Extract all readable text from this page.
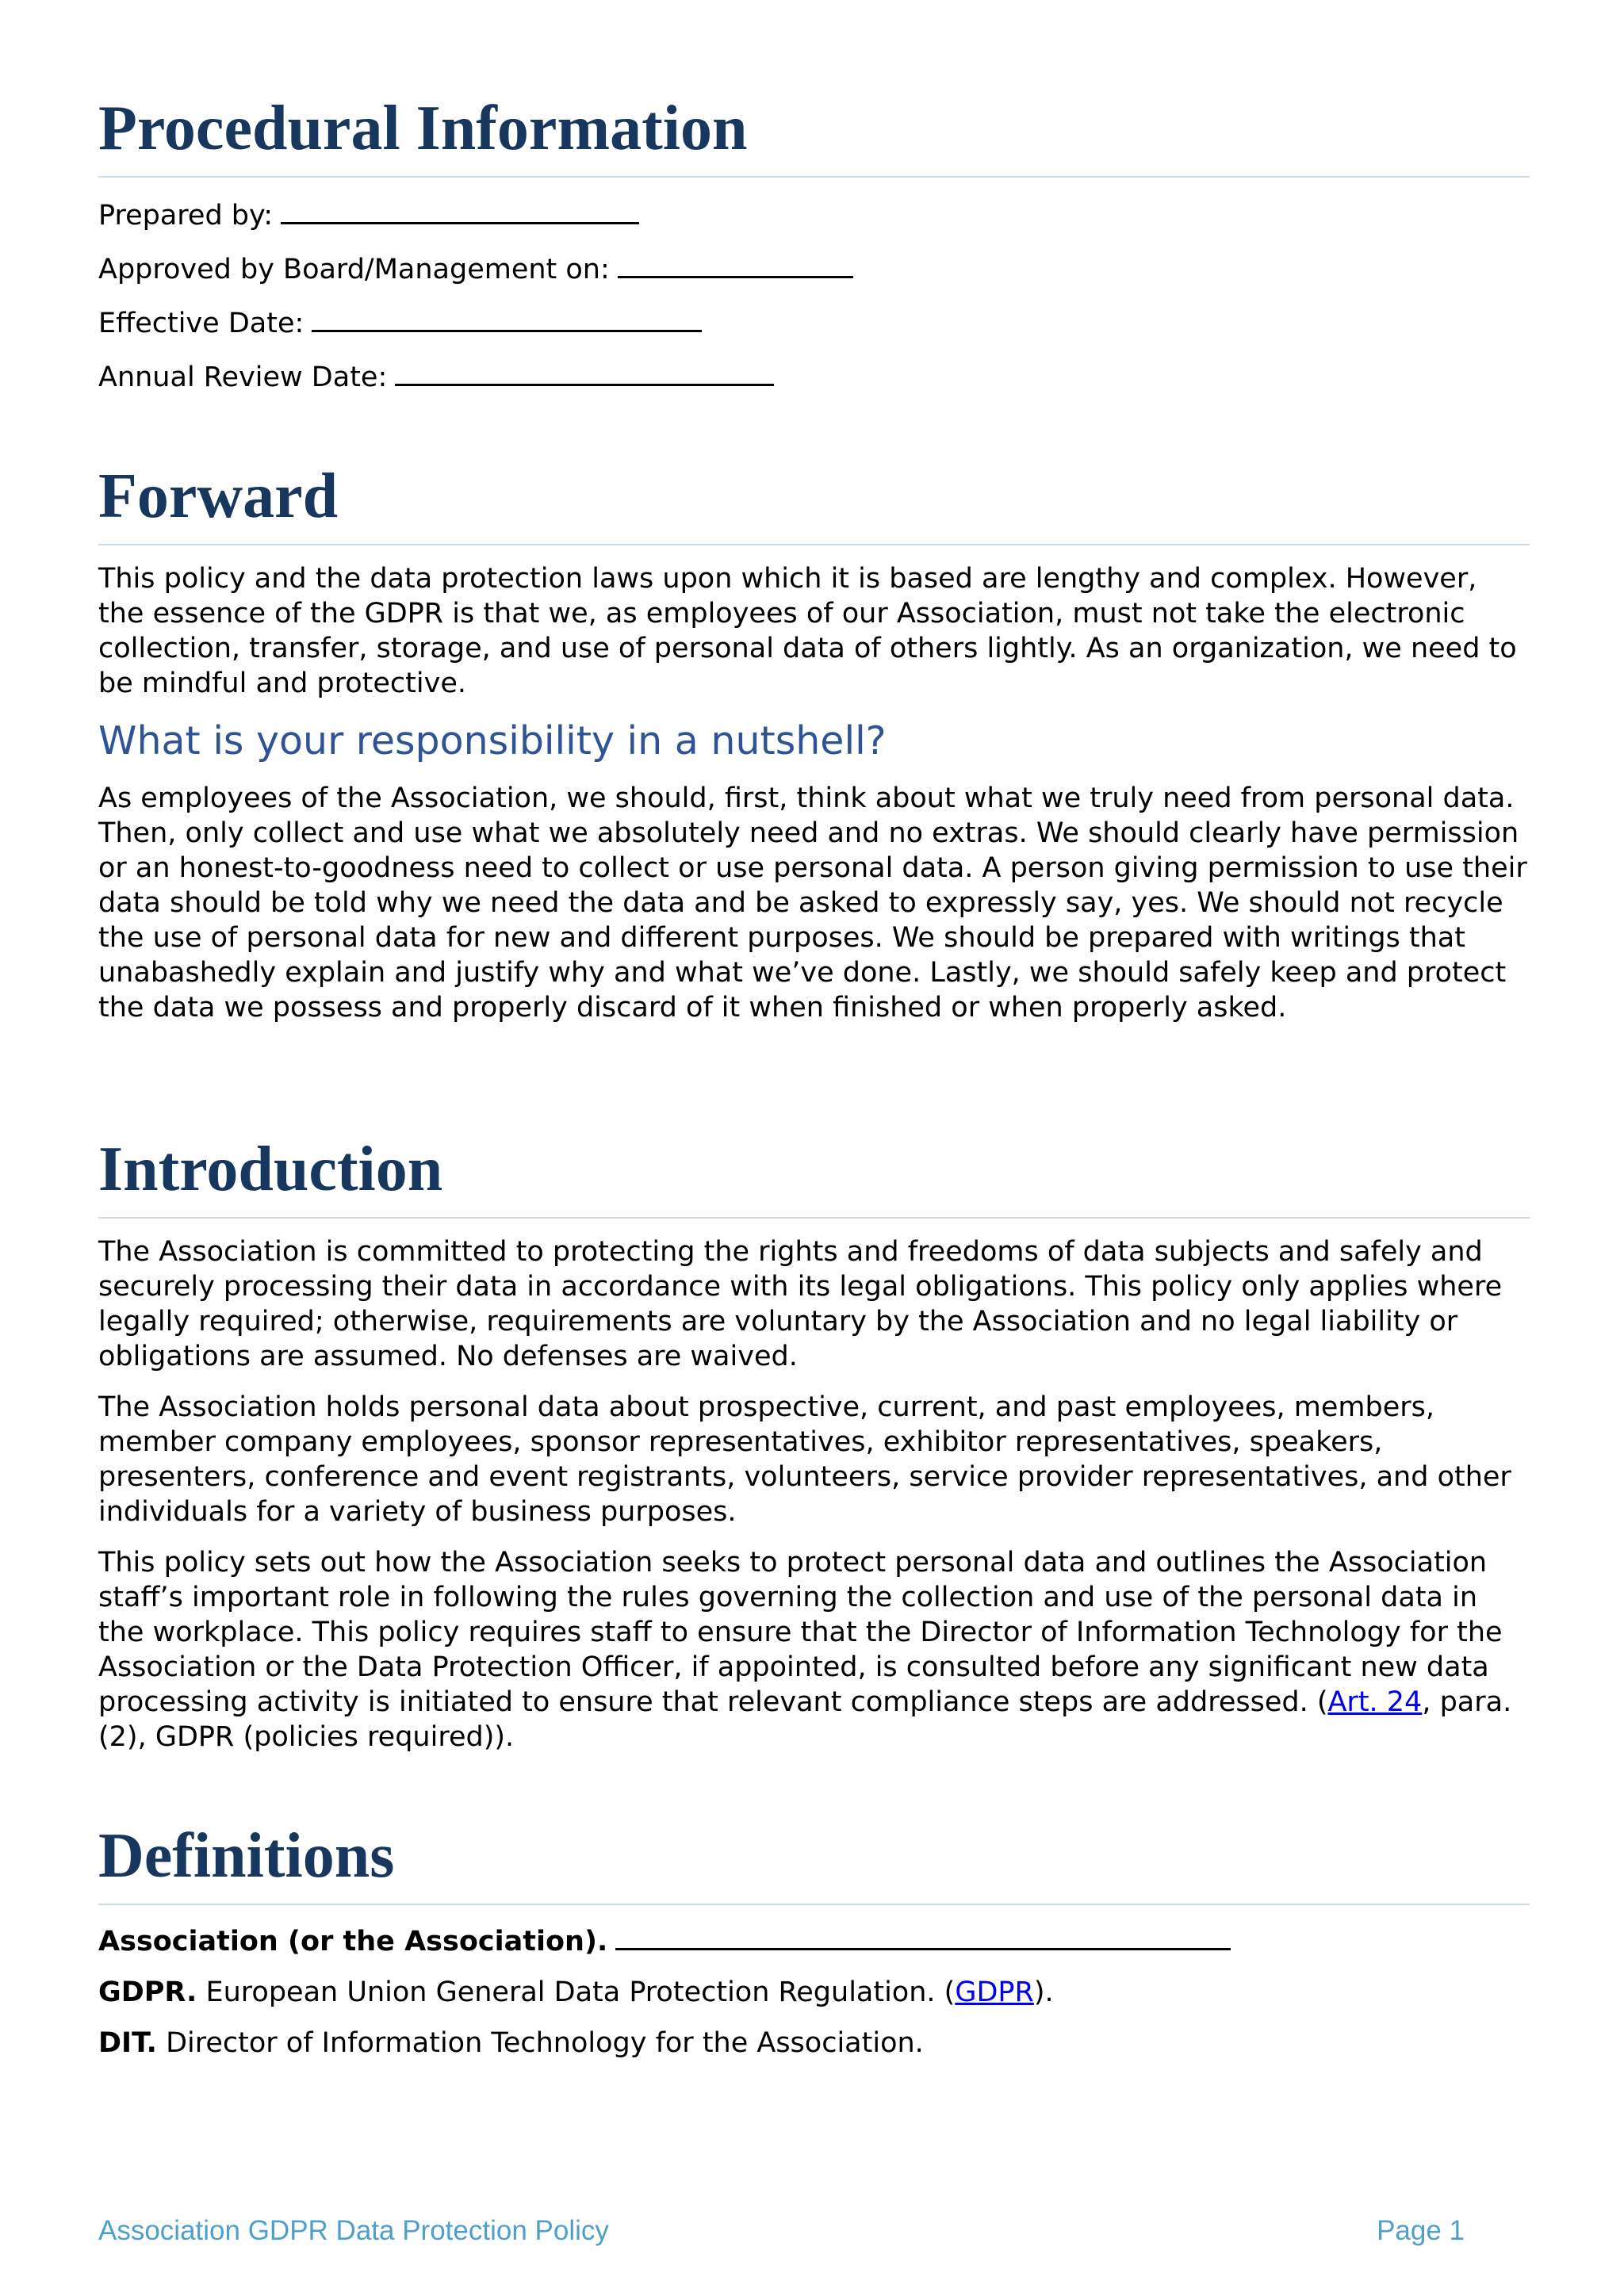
Procedural Information
Prepared by:
Approved by Board/Management on:
Effective Date:
Annual Review Date:
Forward

This policy and the data protection laws upon which it is based are lengthy and complex. However, the essence of the GDPR is that we, as employees of our Association, must not take the electronic collection, transfer, storage, and use of personal data of others lightly. As an organization, we need to be mindful and protective.

What is your responsibility in a nutshell?

As employees of the Association, we should, first, think about what we truly need from personal data. Then, only collect and use what we absolutely need and no extras. We should clearly have permission or an honest-to-goodness need to collect or use personal data. A person giving permission to use their data should be told why we need the data and be asked to expressly say, yes. We should not recycle the use of personal data for new and different purposes. We should be prepared with writings that unabashedly explain and justify why and what we’ve done. Lastly, we should safely keep and protect the data we possess and properly discard of it when finished or when properly asked.

Introduction

The Association is committed to protecting the rights and freedoms of data subjects and safely and securely processing their data in accordance with its legal obligations. This policy only applies where legally required; otherwise, requirements are voluntary by the Association and no legal liability or obligations are assumed. No defenses are waived.

The Association holds personal data about prospective, current, and past employees, members, member company employees, sponsor representatives, exhibitor representatives, speakers, presenters, conference and event registrants, volunteers, service provider representatives, and other individuals for a variety of business purposes.

This policy sets out how the Association seeks to protect personal data and outlines the Association staff’s important role in following the rules governing the collection and use of the personal data in the workplace. This policy requires staff to ensure that the Director of Information Technology for the Association or the Data Protection Officer, if appointed, is consulted before any significant new data processing activity is initiated to ensure that relevant compliance steps are addressed. (Art. 24, para. (2), GDPR (policies required)).

Definitions
Association (or the Association).
GDPR. European Union General Data Protection Regulation. (GDPR).
DIT. Director of Information Technology for the Association.
Association GDPR Data Protection Policy	Page 1
